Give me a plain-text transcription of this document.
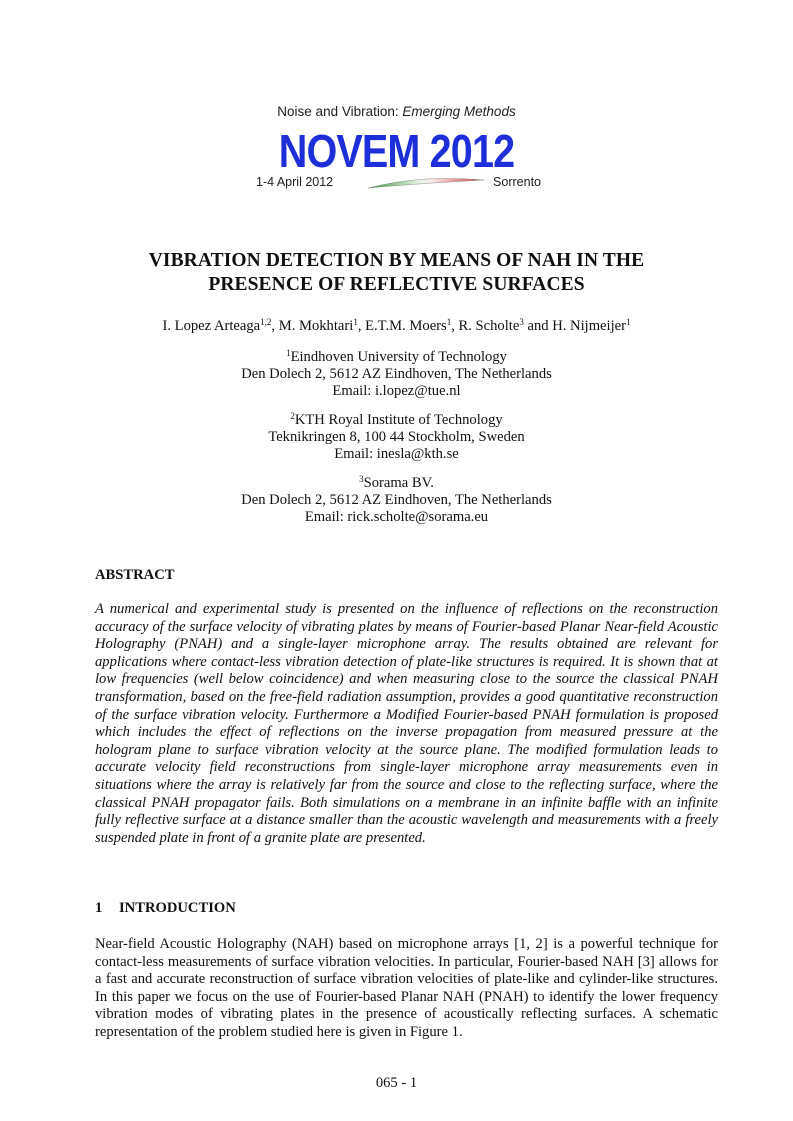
Noise and Vibration: Emerging Methods
NOVEM 2012
1-4 April 2012	Sorrento
VIBRATION DETECTION BY MEANS OF NAH IN THE
PRESENCE OF REFLECTIVE SURFACES
I. Lopez Arteaga$^{1,2}$, M. Mokhtari$^1$, E.T.M. Moers$^1$, R. Scholte$^3$ and H. Nijmeijer$^1$
$^1$Eindhoven University of Technology
Den Dolech 2, 5612 AZ Eindhoven, The Netherlands
Email: i.lopez@tue.nl
$^2$KTH Royal Institute of Technology
Teknikringen 8, 100 44 Stockholm, Sweden
Email: inesla@kth.se
$^3$Sorama BV.
Den Dolech 2, 5612 AZ Eindhoven, The Netherlands
Email: rick.scholte@sorama.eu
ABSTRACT
A numerical and experimental study is presented on the influence of reflections on the reconstruction accuracy of the surface velocity of vibrating plates by means of Fourier-based Planar Near-field Acoustic Holography (PNAH) and a single-layer microphone array. The results obtained are relevant for applications where contact-less vibration detection of plate-like structures is required. It is shown that at low frequencies (well below coincidence) and when measuring close to the source the classical PNAH transformation, based on the free-field radiation assumption, provides a good quantitative reconstruction of the surface vibration velocity. Furthermore a Modified Fourier-based PNAH formulation is proposed which includes the effect of reflections on the inverse propagation from measured pressure at the hologram plane to surface vibration velocity at the source plane. The modified formulation leads to accurate velocity field reconstructions from single-layer microphone array measurements even in situations where the array is relatively far from the source and close to the reflecting surface, where the classical PNAH propagator fails. Both simulations on a membrane in an infinite baffle with an infinite fully reflective surface at a distance smaller than the acoustic wavelength and measurements with a freely suspended plate in front of a granite plate are presented.
1 INTRODUCTION
Near-field Acoustic Holography (NAH) based on microphone arrays [1, 2] is a powerful technique for contact-less measurements of surface vibration velocities. In particular, Fourier-based NAH [3] allows for a fast and accurate reconstruction of surface vibration velocities of plate-like and cylinder-like structures. In this paper we focus on the use of Fourier-based Planar NAH (PNAH) to identify the lower frequency vibration modes of vibrating plates in the presence of acoustically reflecting surfaces. A schematic representation of the problem studied here is given in Figure 1.
065 - 1
